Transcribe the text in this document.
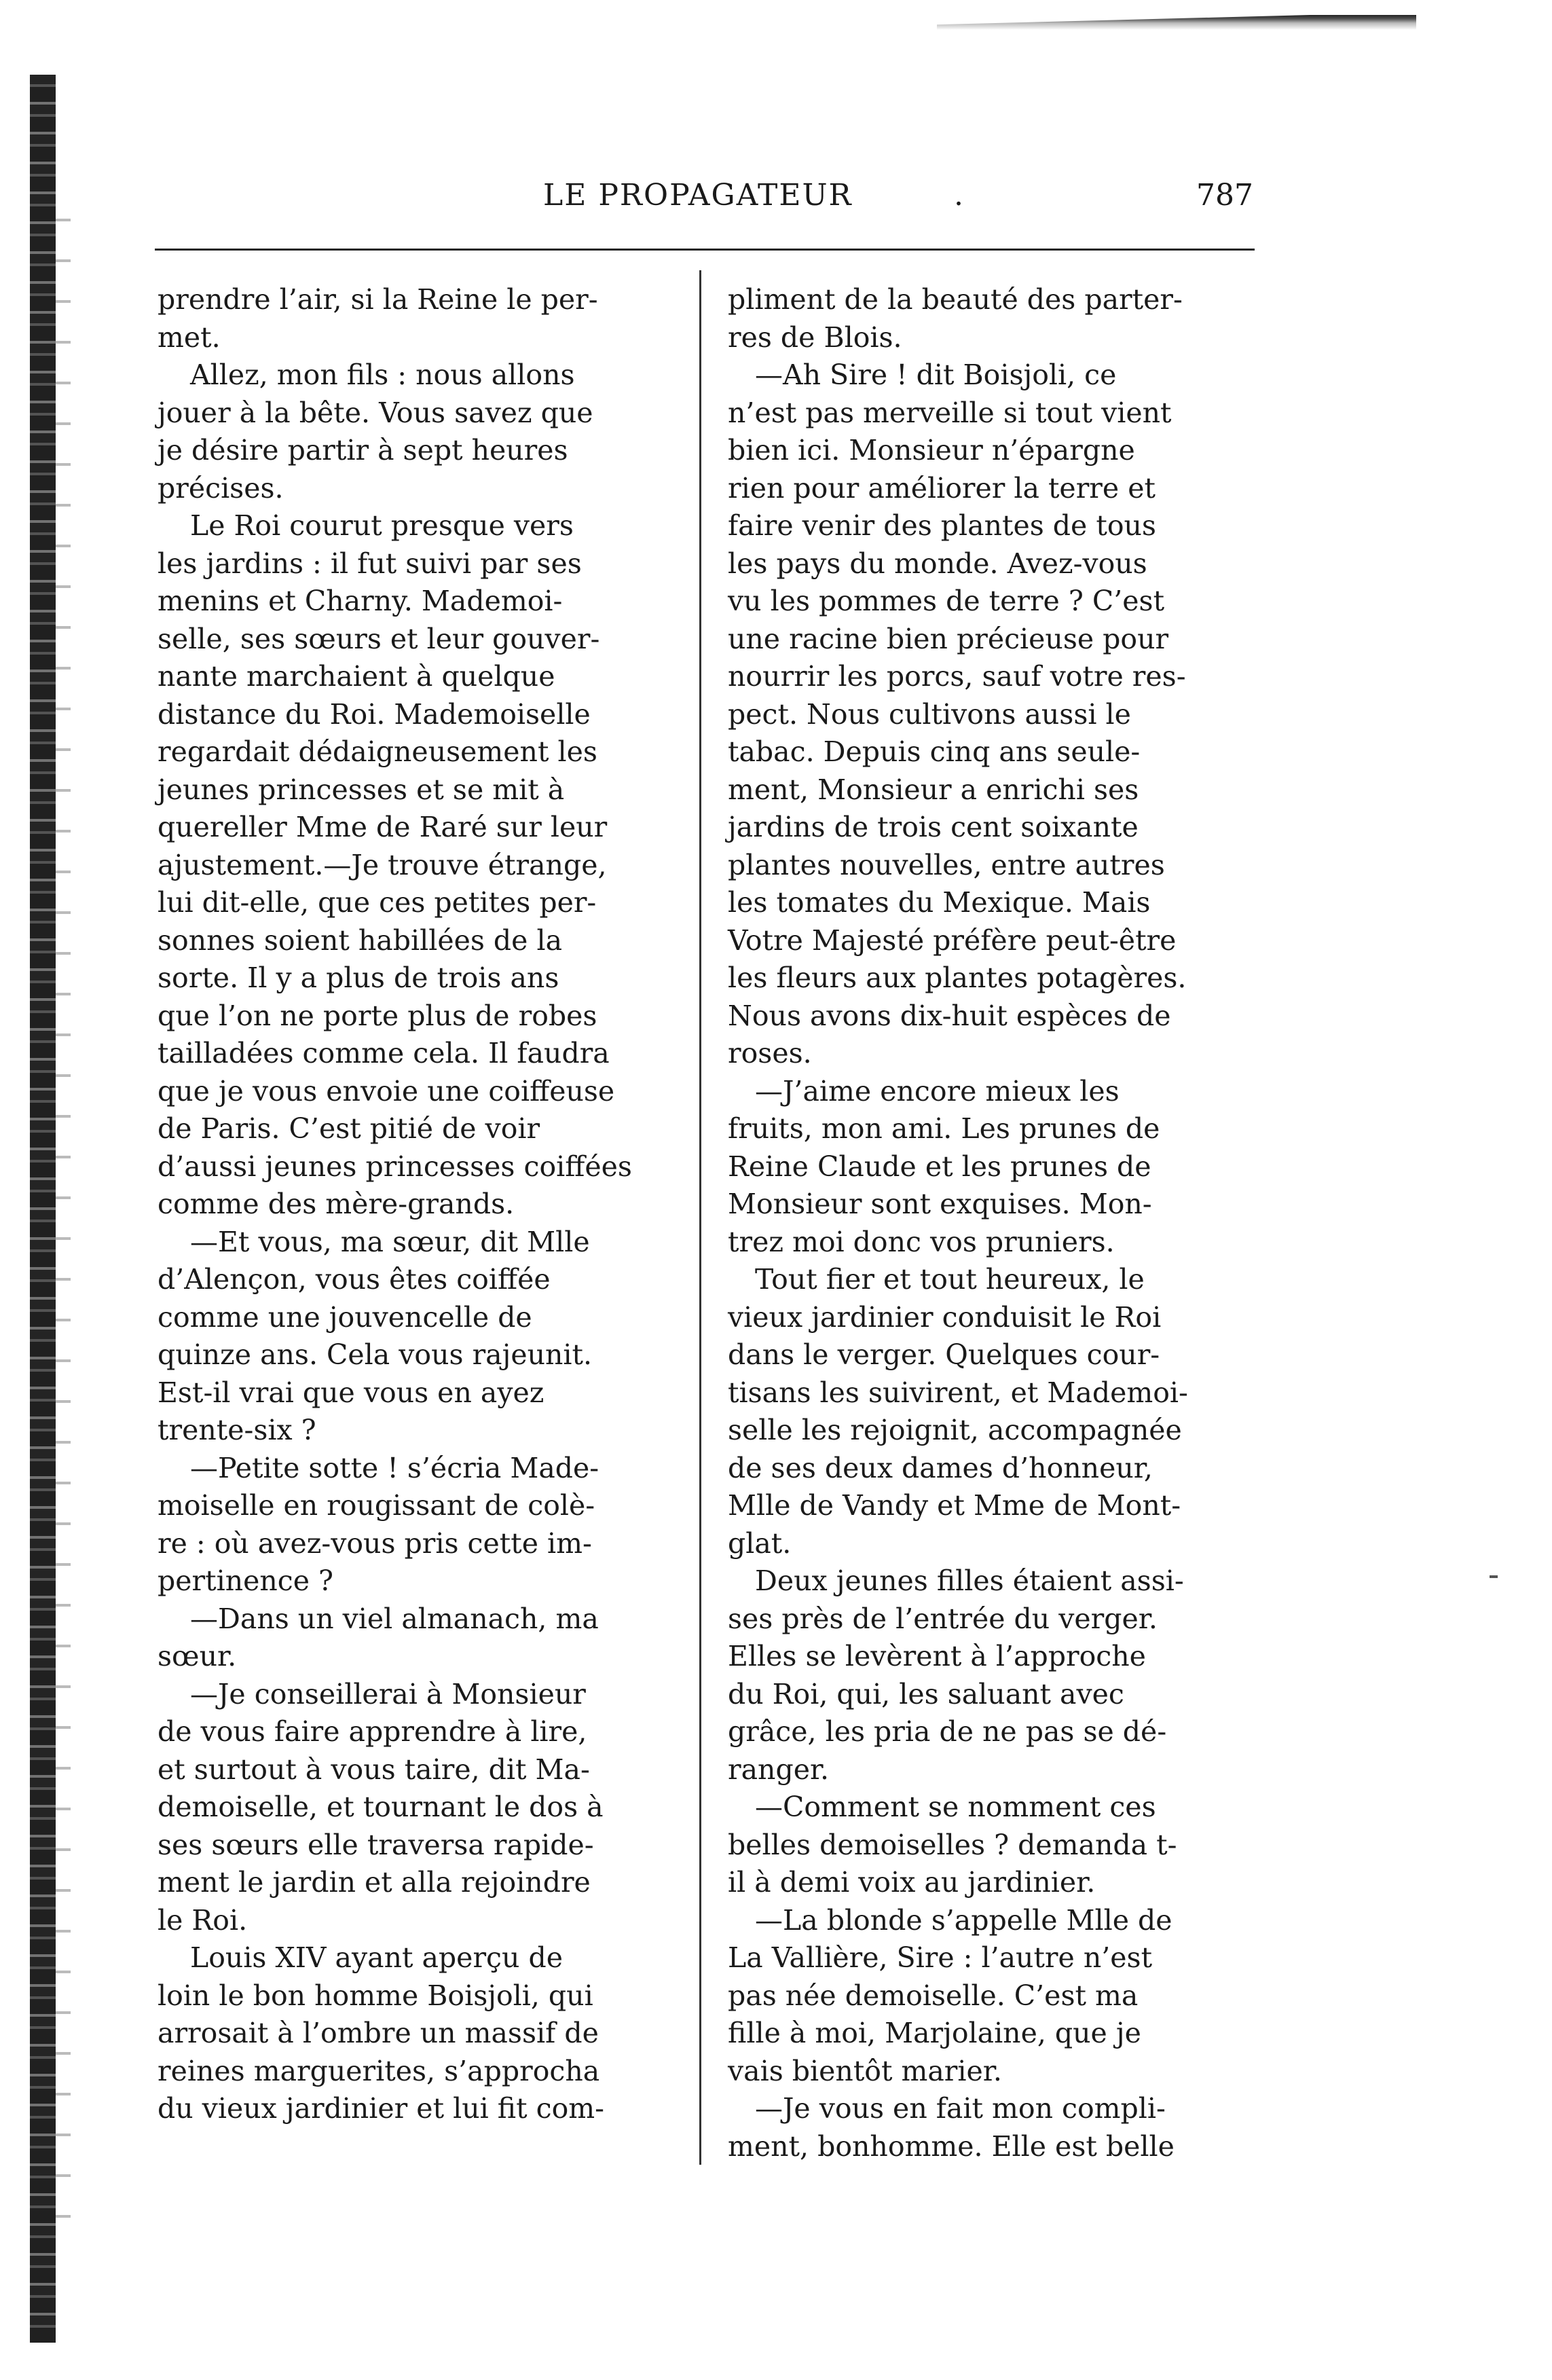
LE PROPAGATEUR	.	787
prendre l’air, si la Reine le per-
met.
Allez, mon fils : nous allons
jouer à la bête. Vous savez que
je désire partir à sept heures
précises.
Le Roi courut presque vers
les jardins : il fut suivi par ses
menins et Charny. Mademoi-
selle, ses sœurs et leur gouver-
nante marchaient à quelque
distance du Roi. Mademoiselle
regardait dédaigneusement les
jeunes princesses et se mit à
quereller Mme de Raré sur leur
ajustement.—Je trouve étrange,
lui dit-elle, que ces petites per-
sonnes soient habillées de la
sorte. Il y a plus de trois ans
que l’on ne porte plus de robes
tailladées comme cela. Il faudra
que je vous envoie une coiffeuse
de Paris. C’est pitié de voir
d’aussi jeunes princesses coiffées
comme des mère-grands.
—Et vous, ma sœur, dit Mlle
d’Alençon, vous êtes coiffée
comme une jouvencelle de
quinze ans. Cela vous rajeunit.
Est-il vrai que vous en ayez
trente-six ?
—Petite sotte ! s’écria Made-
moiselle en rougissant de colè-
re : où avez-vous pris cette im-
pertinence ?
—Dans un viel almanach, ma
sœur.
—Je conseillerai à Monsieur
de vous faire apprendre à lire,
et surtout à vous taire, dit Ma-
demoiselle, et tournant le dos à
ses sœurs elle traversa rapide-
ment le jardin et alla rejoindre
le Roi.
Louis XIV ayant aperçu de
loin le bon homme Boisjoli, qui
arrosait à l’ombre un massif de
reines marguerites, s’approcha
du vieux jardinier et lui fit com-
pliment de la beauté des parter-
res de Blois.
—Ah Sire ! dit Boisjoli, ce
n’est pas merveille si tout vient
bien ici. Monsieur n’épargne
rien pour améliorer la terre et
faire venir des plantes de tous
les pays du monde. Avez-vous
vu les pommes de terre ? C’est
une racine bien précieuse pour
nourrir les porcs, sauf votre res-
pect. Nous cultivons aussi le
tabac. Depuis cinq ans seule-
ment, Monsieur a enrichi ses
jardins de trois cent soixante
plantes nouvelles, entre autres
les tomates du Mexique. Mais
Votre Majesté préfère peut-être
les fleurs aux plantes potagères.
Nous avons dix-huit espèces de
roses.
—J’aime encore mieux les
fruits, mon ami. Les prunes de
Reine Claude et les prunes de
Monsieur sont exquises. Mon-
trez moi donc vos pruniers.
Tout fier et tout heureux, le
vieux jardinier conduisit le Roi
dans le verger. Quelques cour-
tisans les suivirent, et Mademoi-
selle les rejoignit, accompagnée
de ses deux dames d’honneur,
Mlle de Vandy et Mme de Mont-
glat.
Deux jeunes filles étaient assi-
ses près de l’entrée du verger.
Elles se levèrent à l’approche
du Roi, qui, les saluant avec
grâce, les pria de ne pas se dé-
ranger.
—Comment se nomment ces
belles demoiselles ? demanda t-
il à demi voix au jardinier.
—La blonde s’appelle Mlle de
La Vallière, Sire : l’autre n’est
pas née demoiselle. C’est ma
fille à moi, Marjolaine, que je
vais bientôt marier.
—Je vous en fait mon compli-
ment, bonhomme. Elle est belle
